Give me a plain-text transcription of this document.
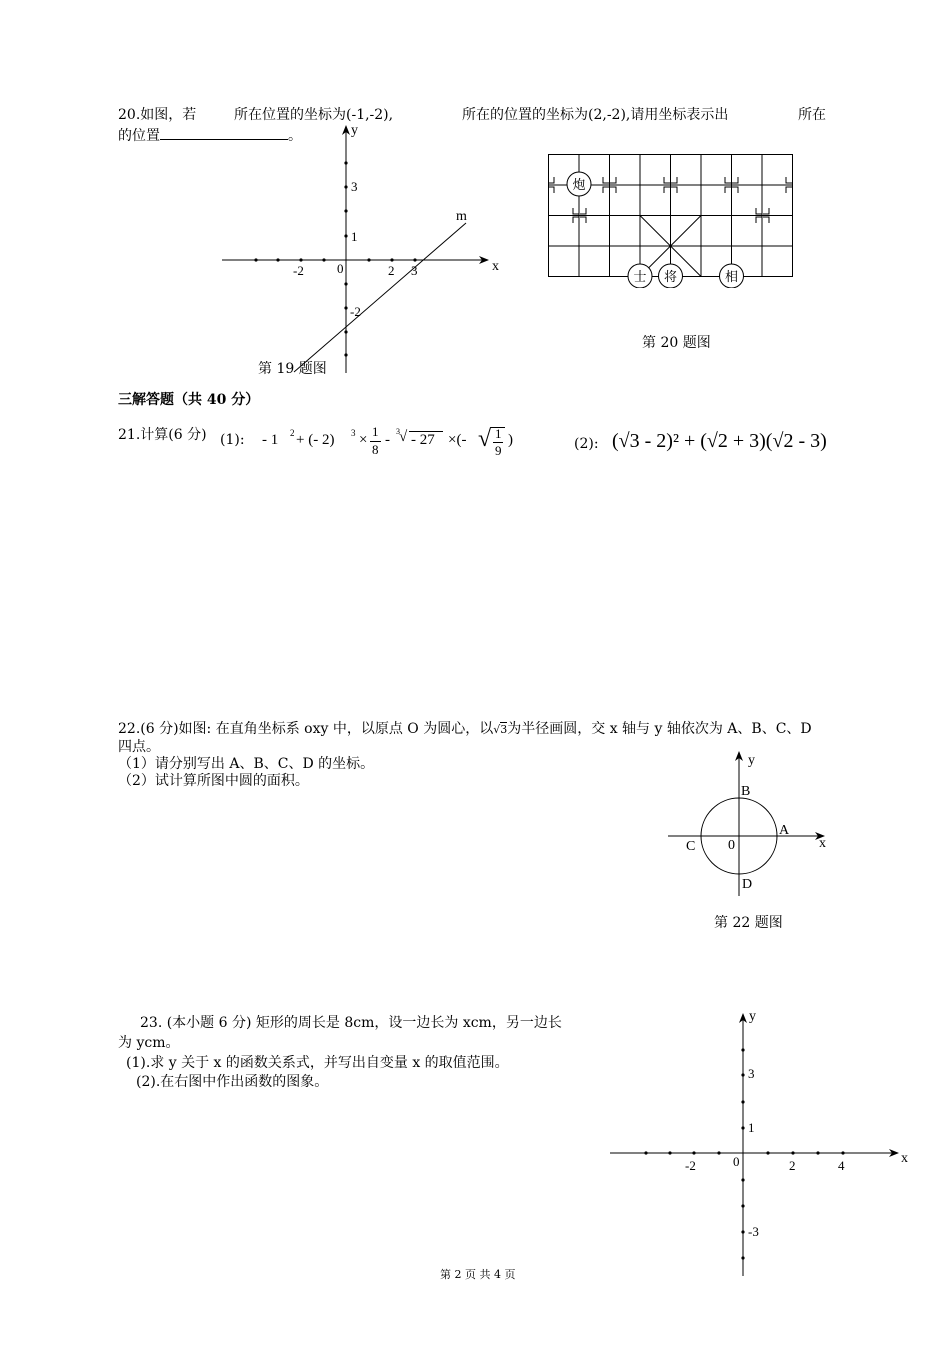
20.如图，若	所在位置的坐标为(-1,-2),	所在的位置的坐标为(2,-2),请用坐标表示出	所在
的位置	。	y
x
m
3
1
-2	0	2 3
-2
第 19 题图
炮
士 将	相
第 20 题图
三解答题（共 40 分）
21.计算(6 分) (1): - 1 2 + (- 2) 3 ×
1
8
-
3 √ - 27 ×(- √ 1
9
)	(2): (√3 - 2)² + (√2 + 3)(√2 - 3)
22.(6 分)如图: 在直角坐标系 oxy 中，以原点 O 为圆心，以√3为半径画圆，交 x 轴与 y 轴依次为 A、B、C、D
四点。
（1）请分别写出 A、B、C、D 的坐标。
（2）试计算所图中圆的面积。
y
x
A
B
C
D
0
第 22 题图
23. (本小题 6 分) 矩形的周长是 8cm，设一边长为 xcm，另一边长
为 ycm。
(1).求 y 关于 x 的函数关系式，并写出自变量 x 的取值范围。
(2).在右图中作出函数的图象。
y
x
3
1
-2	0	2	4
-3
第 2 页 共 4 页
